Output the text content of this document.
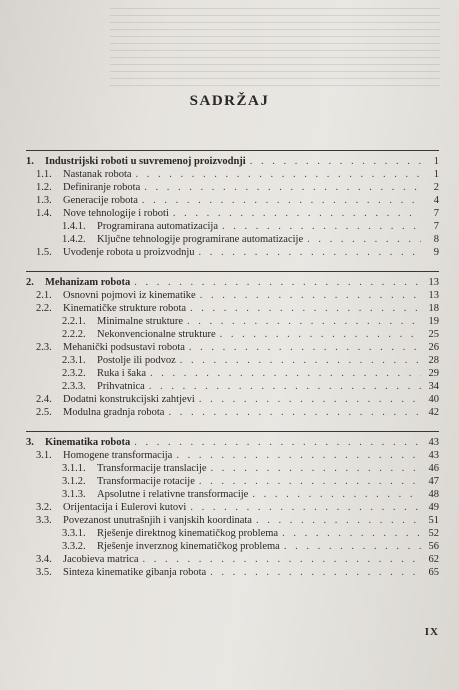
SADRŽAJ
1.	Industrijski roboti u suvremenoj proizvodnji . . .	1
1.1.	Nastanak robota . . .	1
1.2.	Definiranje robota . . .	2
1.3.	Generacije robota . . .	4
1.4.	Nove tehnologije i roboti . . .	7
1.4.1.	Programirana automatizacija . . .	7
1.4.2.	Ključne tehnologije programirane automatizacije . . .	8
1.5.	Uvođenje robota u proizvodnju . . .	9
2.	Mehanizam robota . . .	13
2.1.	Osnovni pojmovi iz kinematike . . .	13
2.2.	Kinematičke strukture robota . . .	18
2.2.1.	Minimalne strukture . . .	19
2.2.2.	Nekonvencionalne strukture . . .	25
2.3.	Mehanički podsustavi robota . . .	26
2.3.1.	Postolje ili podvoz . . .	28
2.3.2.	Ruka i šaka . . .	29
2.3.3.	Prihvatnica . . .	34
2.4.	Dodatni konstrukcijski zahtjevi . . .	40
2.5.	Modulna gradnja robota . . .	42
3.	Kinematika robota . . .	43
3.1.	Homogene transformacija . . .	43
3.1.1.	Transformacije translacije . . .	46
3.1.2.	Transformacije rotacije . . .	47
3.1.3.	Apsolutne i relativne transformacije . . .	48
3.2.	Orijentacija i Eulerovi kutovi . . .	49
3.3.	Povezanost unutrašnjih i vanjskih koordinata . . .	51
3.3.1.	Rješenje direktnog kinematičkog problema . . .	52
3.3.2.	Rješenje inverznog kinematičkog problema . . .	56
3.4.	Jacobieva matrica . . .	62
3.5.	Sinteza kinematike gibanja robota . . .	65
IX
